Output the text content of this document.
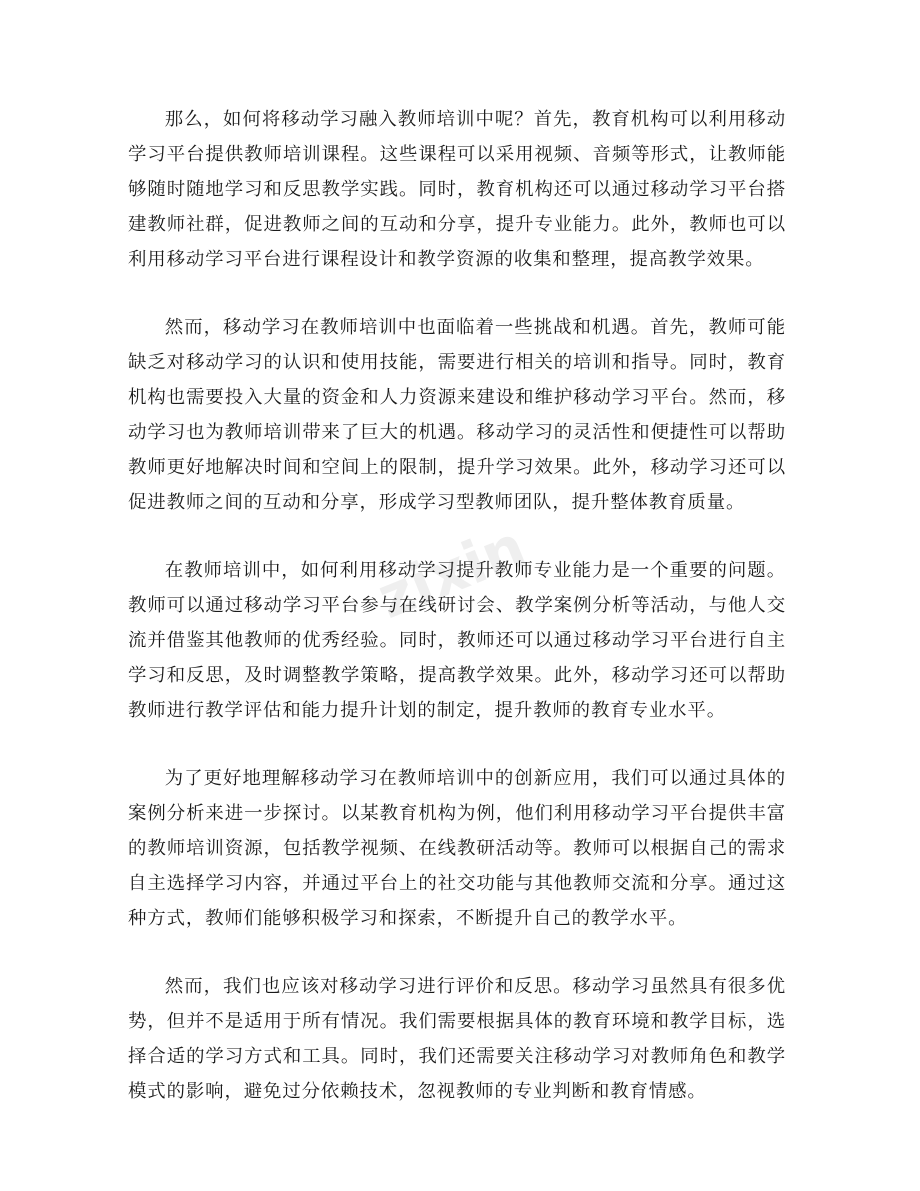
zixin

那么，如何将移动学习融入教师培训中呢？首先，教育机构可以利用移动学习平台提供教师培训课程。这些课程可以采用视频、音频等形式，让教师能够随时随地学习和反思教学实践。同时，教育机构还可以通过移动学习平台搭建教师社群，促进教师之间的互动和分享，提升专业能力。此外，教师也可以利用移动学习平台进行课程设计和教学资源的收集和整理，提高教学效果。

然而，移动学习在教师培训中也面临着一些挑战和机遇。首先，教师可能缺乏对移动学习的认识和使用技能，需要进行相关的培训和指导。同时，教育机构也需要投入大量的资金和人力资源来建设和维护移动学习平台。然而，移动学习也为教师培训带来了巨大的机遇。移动学习的灵活性和便捷性可以帮助教师更好地解决时间和空间上的限制，提升学习效果。此外，移动学习还可以促进教师之间的互动和分享，形成学习型教师团队，提升整体教育质量。

在教师培训中，如何利用移动学习提升教师专业能力是一个重要的问题。教师可以通过移动学习平台参与在线研讨会、教学案例分析等活动，与他人交流并借鉴其他教师的优秀经验。同时，教师还可以通过移动学习平台进行自主学习和反思，及时调整教学策略，提高教学效果。此外，移动学习还可以帮助教师进行教学评估和能力提升计划的制定，提升教师的教育专业水平。

为了更好地理解移动学习在教师培训中的创新应用，我们可以通过具体的案例分析来进一步探讨。以某教育机构为例，他们利用移动学习平台提供丰富的教师培训资源，包括教学视频、在线教研活动等。教师可以根据自己的需求自主选择学习内容，并通过平台上的社交功能与其他教师交流和分享。通过这种方式，教师们能够积极学习和探索，不断提升自己的教学水平。

然而，我们也应该对移动学习进行评价和反思。移动学习虽然具有很多优势，但并不是适用于所有情况。我们需要根据具体的教育环境和教学目标，选择合适的学习方式和工具。同时，我们还需要关注移动学习对教师角色和教学模式的影响，避免过分依赖技术，忽视教师的专业判断和教育情感。
